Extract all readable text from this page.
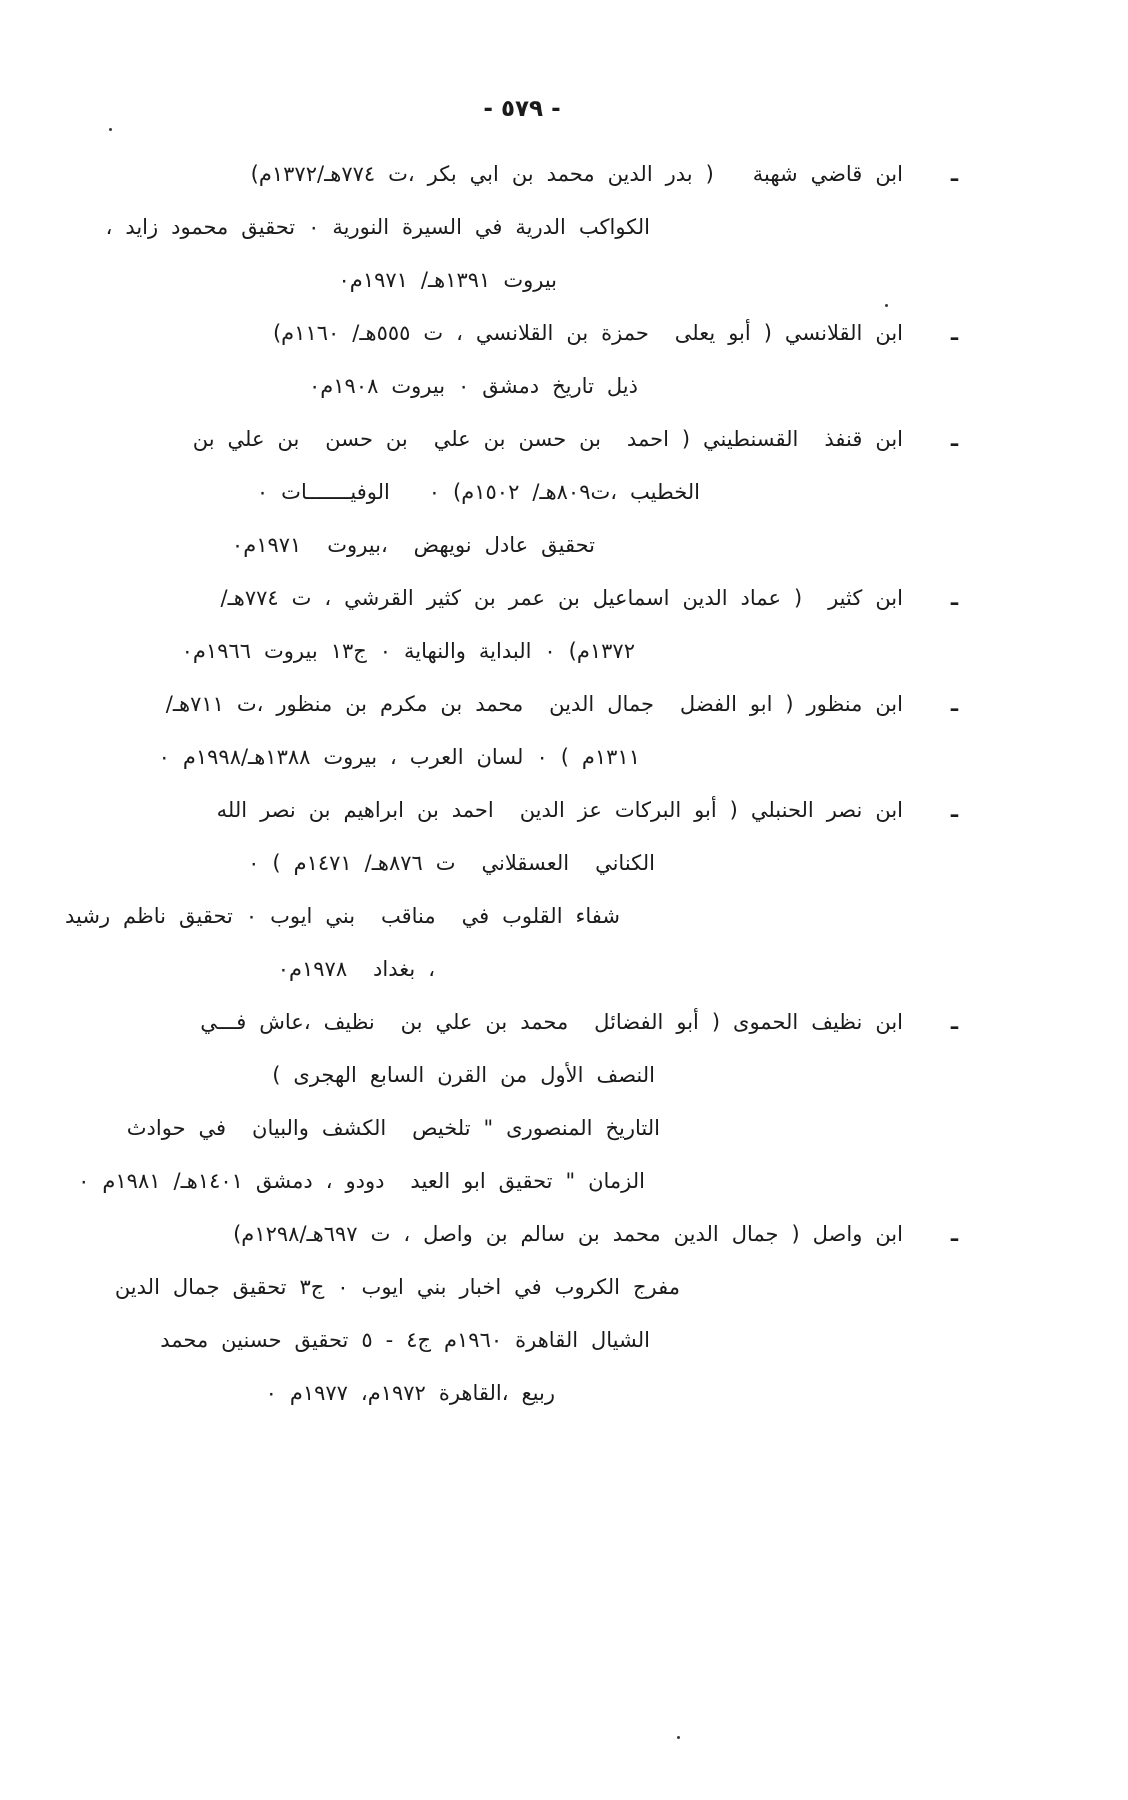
- ٥٧٩ -
ـ
ابن قاضي شهبة   ( بدر الدين محمد بن ابي بكر ،ت ٧٧٤هـ/١٣٧٢م)
الكواكب الدرية في السيرة النورية ٠ تحقيق محمود زايد ،
بيروت ١٣٩١هـ/ ١٩٧١م٠
ـ
ابن القلانسي ( أبو يعلى  حمزة بن القلانسي ، ت ٥٥٥هـ/ ١١٦٠م)
ذيل تاريخ دمشق ٠ بيروت ١٩٠٨م٠
ـ
ابن قنفذ  القسنطيني ( احمد  بن حسن بن علي  بن حسن  بن علي بن
الخطيب ،ت٨٠٩هـ/ ١٥٠٢م) ٠   الوفيـــــــات ٠
تحقيق عادل نويهض  ،بيروت  ١٩٧١م٠
ـ
ابن كثير  ( عماد الدين اسماعيل بن عمر بن كثير القرشي ، ت ٧٧٤هـ/
١٣٧٢م) ٠ البداية والنهاية ٠ ج١٣ بيروت ١٩٦٦م٠
ـ
ابن منظور ( ابو الفضل  جمال الدين  محمد بن مكرم بن منظور ،ت ٧١١هـ/
١٣١١م ) ٠ لسان العرب ، بيروت ١٣٨٨هـ/١٩٩٨م ٠
ـ
ابن نصر الحنبلي ( أبو البركات عز الدين  احمد بن ابراهيم بن نصر الله
الكناني  العسقلاني  ت ٨٧٦هـ/ ١٤٧١م ) ٠
شفاء القلوب في  مناقب  بني ايوب ٠ تحقيق ناظم رشيد
، بغداد  ١٩٧٨م٠
ـ
ابن نظيف الحموى ( أبو الفضائل  محمد بن علي بن  نظيف ،عاش فـــي
النصف الأول من القرن السابع الهجرى )
التاريخ المنصورى " تلخيص  الكشف والبيان  في حوادث
الزمان " تحقيق ابو العيد  دودو ، دمشق ١٤٠١هـ/ ١٩٨١م ٠
ـ
ابن واصل ( جمال الدين محمد بن سالم بن واصل ، ت ٦٩٧هـ/١٢٩٨م)
مفرج الكروب في اخبار بني ايوب ٠ ج٣ تحقيق جمال الدين
الشيال القاهرة ١٩٦٠م ج٤ - ٥ تحقيق حسنين محمد
ربيع ،القاهرة ١٩٧٢م، ١٩٧٧م ٠
